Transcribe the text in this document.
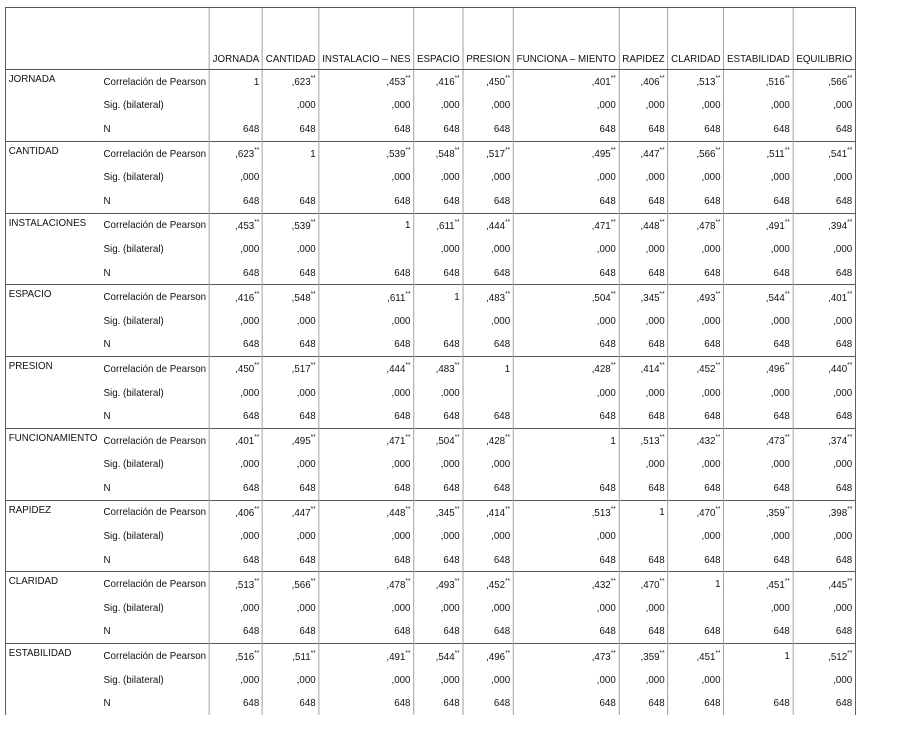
		JORNADA	CANTIDAD	INSTALACIO – NES	ESPACIO	PRESION	FUNCIONA – MIENTO	RAPIDEZ	CLARIDAD	ESTABILIDAD	EQUILIBRIO
JORNADA	Correlación de Pearson	1	,623**	,453**	,416**	,450**	,401**	,406**	,513**	,516**	,566**
	Sig. (bilateral)		,000	,000	,000	,000	,000	,000	,000	,000	,000
	N	648	648	648	648	648	648	648	648	648	648
CANTIDAD	Correlación de Pearson	,623**	1	,539**	,548**	,517**	,495**	,447**	,566**	,511**	,541**
	Sig. (bilateral)	,000		,000	,000	,000	,000	,000	,000	,000	,000
	N	648	648	648	648	648	648	648	648	648	648
INSTALACIONES	Correlación de Pearson	,453**	,539**	1	,611**	,444**	,471**	,448**	,478**	,491**	,394**
	Sig. (bilateral)	,000	,000		,000	,000	,000	,000	,000	,000	,000
	N	648	648	648	648	648	648	648	648	648	648
ESPACIO	Correlación de Pearson	,416**	,548**	,611**	1	,483**	,504**	,345**	,493**	,544**	,401**
	Sig. (bilateral)	,000	,000	,000		,000	,000	,000	,000	,000	,000
	N	648	648	648	648	648	648	648	648	648	648
PRESION	Correlación de Pearson	,450**	,517**	,444**	,483**	1	,428**	,414**	,452**	,496**	,440**
	Sig. (bilateral)	,000	,000	,000	,000		,000	,000	,000	,000	,000
	N	648	648	648	648	648	648	648	648	648	648
FUNCIONAMIENTO	Correlación de Pearson	,401**	,495**	,471**	,504**	,428**	1	,513**	,432**	,473**	,374**
	Sig. (bilateral)	,000	,000	,000	,000	,000		,000	,000	,000	,000
	N	648	648	648	648	648	648	648	648	648	648
RAPIDEZ	Correlación de Pearson	,406**	,447**	,448**	,345**	,414**	,513**	1	,470**	,359**	,398**
	Sig. (bilateral)	,000	,000	,000	,000	,000	,000		,000	,000	,000
	N	648	648	648	648	648	648	648	648	648	648
CLARIDAD	Correlación de Pearson	,513**	,566**	,478**	,493**	,452**	,432**	,470**	1	,451**	,445**
	Sig. (bilateral)	,000	,000	,000	,000	,000	,000	,000		,000	,000
	N	648	648	648	648	648	648	648	648	648	648
ESTABILIDAD	Correlación de Pearson	,516**	,511**	,491**	,544**	,496**	,473**	,359**	,451**	1	,512**
	Sig. (bilateral)	,000	,000	,000	,000	,000	,000	,000	,000		,000
	N	648	648	648	648	648	648	648	648	648	648
